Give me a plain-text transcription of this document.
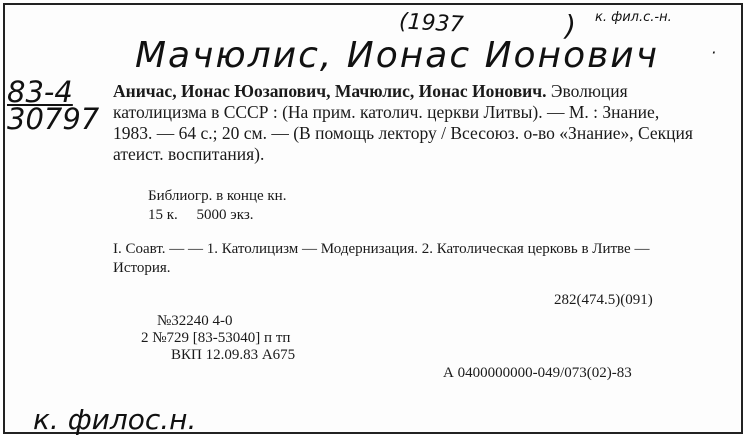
(1937	) к. фил.с.-н.
Мачюлис, Ионас Ионович	·
83-4
30797
Аничас, Ионас Юозапович, Мачюлис, Ионас Ионович. Эволюция католицизма в СССР : (На прим. католич. церкви Литвы). — М. : Знание, 1983. — 64 с.; 20 см. — (В помощь лектору / Всесоюз. о-во «Знание», Секция атеист. воспитания).
Библиогр. в конце кн.
15 к. 5000 экз.
I. Соавт. — — 1. Католицизм — Модернизация. 2. Католическая церковь в Литве — История.
282(474.5)(091)
№32240 4-0
2 №729 [83-53040] п тп
ВКП 12.09.83 А675
А 0400000000-049/073(02)-83
к. филос.н.
